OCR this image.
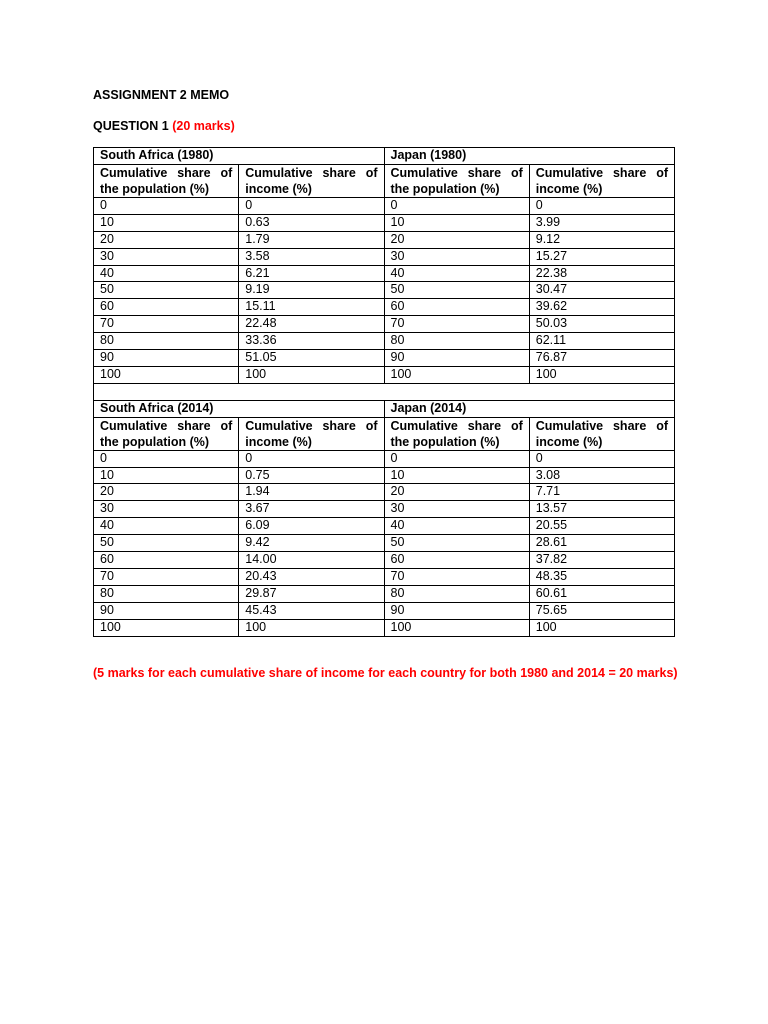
ASSIGNMENT 2 MEMO
QUESTION 1 (20 marks)
South Africa (1980)		Japan (1980)	
Cumulative share of the population (%)	Cumulative share of income (%)	Cumulative share of the population (%)	Cumulative share of income (%)
0	0	0	0
10	0.63	10	3.99
20	1.79	20	9.12
30	3.58	30	15.27
40	6.21	40	22.38
50	9.19	50	30.47
60	15.11	60	39.62
70	22.48	70	50.03
80	33.36	80	62.11
90	51.05	90	76.87
100	100	100	100

South Africa (2014)		Japan (2014)	
Cumulative share of the population (%)	Cumulative share of income (%)	Cumulative share of the population (%)	Cumulative share of income (%)
0	0	0	0
10	0.75	10	3.08
20	1.94	20	7.71
30	3.67	30	13.57
40	6.09	40	20.55
50	9.42	50	28.61
60	14.00	60	37.82
70	20.43	70	48.35
80	29.87	80	60.61
90	45.43	90	75.65
100	100	100	100
(5 marks for each cumulative share of income for each country for both 1980 and 2014 = 20 marks)
